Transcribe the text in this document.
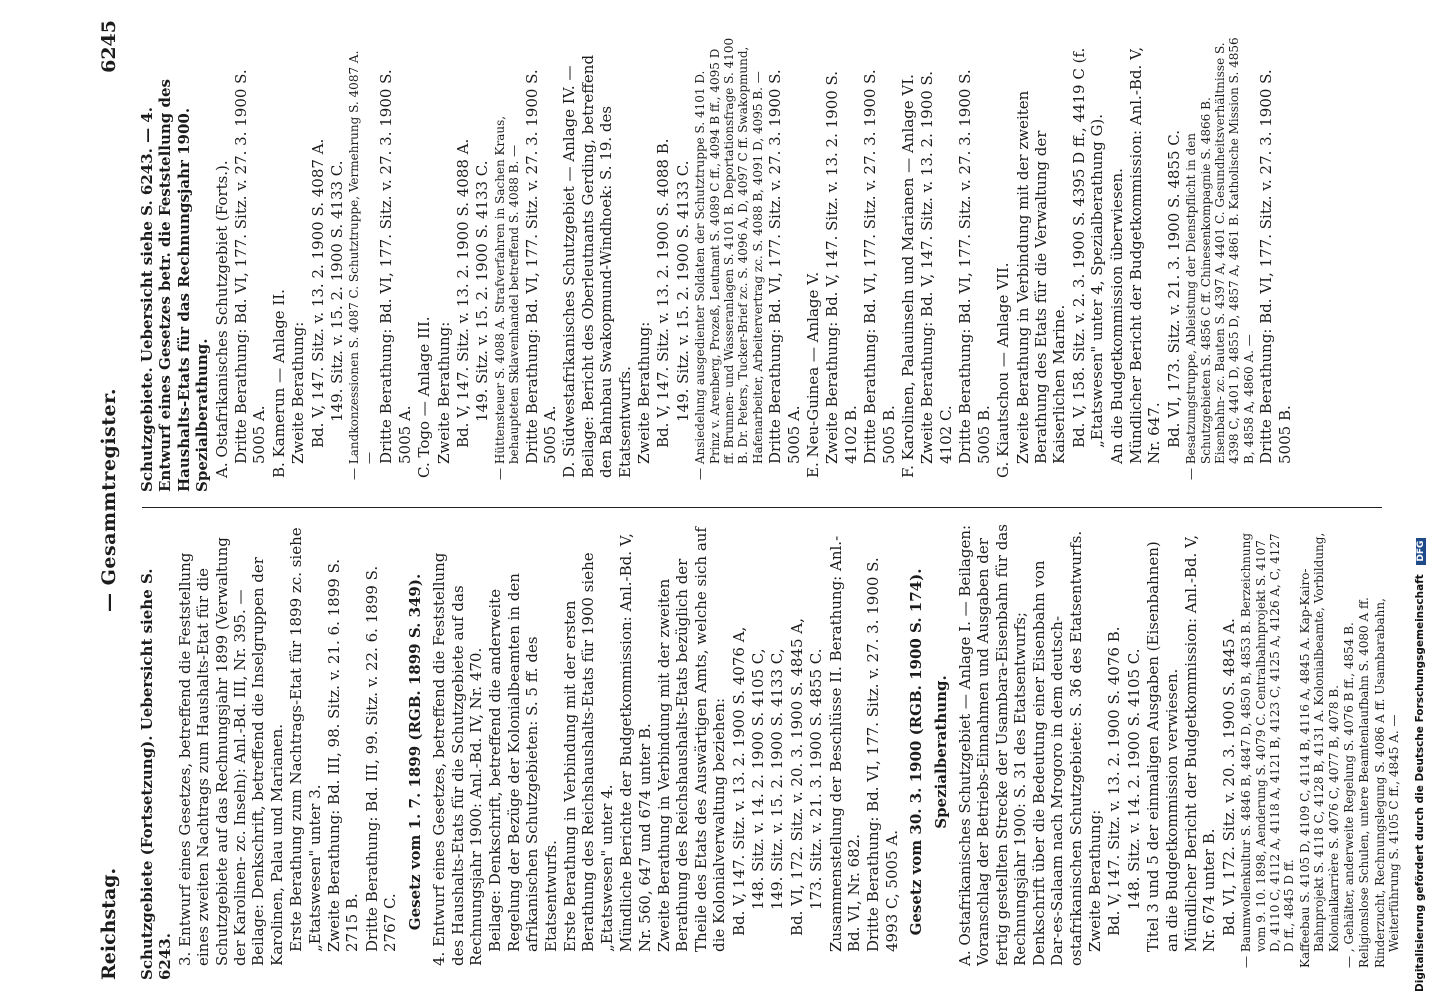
Reichstag.
— Gesammtregister.
6245

Schutzgebiete (Fortsetzung). Uebersicht siehe S. 6243. 3. Entwurf eines Gesetzes, betreffend die Feststellung eines zweiten Nachtrags zum Haushalts-Etat für die Schutzgebiete auf das Rechnungsjahr 1899 (Verwaltung der Karolinen- zc. Inseln): Anl.-Bd. III, Nr. 395. — Beilage: Denkschrift, betreffend die Inselgruppen der Karolinen, Palau und Marianen. Erste Berathung zum Nachtrags-Etat für 1899 zc. siehe „Etatswesen" unter 3. Zweite Berathung: Bd. III, 98. Sitz. v. 21. 6. 1899 S. 2715 B. Dritte Berathung: Bd. III, 99. Sitz. v. 22. 6. 1899 S. 2767 C. Gesetz vom 1. 7. 1899 (RGB. 1899 S. 349). 4. Entwurf eines Gesetzes, betreffend die Feststellung des Haushalts-Etats für die Schutzgebiete auf das Rechnungsjahr 1900: Anl.-Bd. IV, Nr. 470. Beilage: Denkschrift, betreffend die anderweite Regelung der Bezüge der Kolonialbeamten in den afrikanischen Schutzgebieten: S. 5 ff. des Etatsentwurfs. Erste Berathung in Verbindung mit der ersten Berathung des Reichshaushalts-Etats für 1900 siehe „Etatswesen" unter 4. Mündliche Berichte der Budgetkommission: Anl.-Bd. V, Nr. 560, 647 und 674 unter B. Zweite Berathung in Verbindung mit der zweiten Berathung des Reichshaushalts-Etats bezüglich der Theile des Etats des Auswärtigen Amts, welche sich auf die Kolonialverwaltung beziehen: Bd. V, 147. Sitz. v. 13. 2. 1900 S. 4076 A, 148. Sitz. v. 14. 2. 1900 S. 4105 C, 149. Sitz. v. 15. 2. 1900 S. 4133 C, Bd. VI, 172. Sitz. v. 20. 3. 1900 S. 4845 A, 173. Sitz. v. 21. 3. 1900 S. 4855 C. Zusammenstellung der Beschlüsse II. Berathung: Anl.-Bd. VI, Nr. 682. Dritte Berathung: Bd. VI, 177. Sitz. v. 27. 3. 1900 S. 4993 C, 5005 A. Gesetz vom 30. 3. 1900 (RGB. 1900 S. 174). Spezialberathung. A. Ostafrikanisches Schutzgebiet — Anlage I. — Beilagen: Voranschlag der Betriebs-Einnahmen und Ausgaben der fertig gestellten Strecke der Usambara-Eisenbahn für das Rechnungsjahr 1900: S. 31 des Etatsentwurfs; Denkschrift über die Bedeutung einer Eisenbahn von Dar-es-Salaam nach Mrogoro in dem deutsch-ostafrikanischen Schutzgebiete: S. 36 des Etatsentwurfs. Zweite Berathung: Bd. V, 147. Sitz. v. 13. 2. 1900 S. 4076 B. 148. Sitz. v. 14. 2. 1900 S. 4105 C. Titel 3 und 5 der einmaligen Ausgaben (Eisenbahnen) an die Budgetkommission verwiesen. Mündlicher Bericht der Budgetkommission: Anl.-Bd. V, Nr. 674 unter B. Bd. VI, 172. Sitz. v. 20. 3. 1900 S. 4845 A. — Baumwollenkultur S. 4846 B, 4847 D, 4850 B, 4853 B. Berzeichnung vom 9. 10. 1898, Aenderung S. 4079 C. Centralbahnprojekt S. 4107 D, 4110 C, 4112 A, 4118 A, 4121 B, 4123 C, 4125 A, 4126 A, C, 4127 D ff., 4845 D ff. Kaffeebau S. 4105 D, 4109 C, 4114 B, 4116 A, 4845 A. Kap-Kairo-Bahnprojekt S. 4118 C, 4128 B, 4131 A. Kolonialbeamte, Vorbildung, Kolonialkarrière S. 4076 C, 4077 B, 4078 B. — , Gehälter, anderweite Regelung S. 4076 B ff., 4854 B. Religionslose Schulen, untere Beamtenlaufbahn S. 4080 A ff. Rinderzucht, Rechnungslegung S. 4086 A ff. Usambarabahn, Weiterführung S. 4105 C ff., 4845 A. —

Schutzgebiete. Uebersicht siehe S. 6243. — 4. Entwurf eines Gesetzes betr. die Feststellung des Haushalts-Etats für das Rechnungsjahr 1900. Spezialberathung. A. Ostafrikanisches Schutzgebiet (Forts.). Dritte Berathung: Bd. VI, 177. Sitz. v. 27. 3. 1900 S. 5005 A. B. Kamerun — Anlage II. Zweite Berathung: Bd. V, 147. Sitz. v. 13. 2. 1900 S. 4087 A. 149. Sitz. v. 15. 2. 1900 S. 4133 C. — Landkonzessionen S. 4087 C. Schutztruppe, Vermehrung S. 4087 A. — Dritte Berathung: Bd. VI, 177. Sitz. v. 27. 3. 1900 S. 5005 A. C. Togo — Anlage III. Zweite Berathung: Bd. V, 147. Sitz. v. 13. 2. 1900 S. 4088 A. 149. Sitz. v. 15. 2. 1900 S. 4133 C. — Hüttensteuer S. 4088 A. Strafverfahren in Sachen Kraus, behaupteten Sklavenhandel betreffend S. 4088 B. — Dritte Berathung: Bd. VI, 177. Sitz. v. 27. 3. 1900 S. 5005 A. D. Südwestafrikanisches Schutzgebiet — Anlage IV. — Beilage: Bericht des Oberleutnants Gerding, betreffend den Bahnbau Swakopmund-Windhoek: S. 19. des Etatsentwurfs. Zweite Berathung: Bd. V, 147. Sitz. v. 13. 2. 1900 S. 4088 B. 149. Sitz. v. 15. 2. 1900 S. 4133 C. — Ansiedelung ausgedienter Soldaten der Schutztruppe S. 4101 D. Prinz v. Arenberg, Prozeß, Leutnant S. 4089 C ff., 4094 B ff., 4095 D ff. Brunnen- und Wasseranlagen S. 4101 B. Deportationsfrage S. 4100 B. Dr. Peters, Tucker-Brief zc. S. 4096 A, D, 4097 C ff. Swakopmund, Hafenarbeiter, Arbeitervertrag zc. S. 4088 B, 4091 D, 4095 B. — Dritte Berathung: Bd. VI, 177. Sitz. v. 27. 3. 1900 S. 5005 A. E. Neu-Guinea — Anlage V. Zweite Berathung: Bd. V, 147. Sitz. v. 13. 2. 1900 S. 4102 B. Dritte Berathung: Bd. VI, 177. Sitz. v. 27. 3. 1900 S. 5005 B. F. Karolinen, Palauinseln und Marianen — Anlage VI. Zweite Berathung: Bd. V, 147. Sitz. v. 13. 2. 1900 S. 4102 C. Dritte Berathung: Bd. VI, 177. Sitz. v. 27. 3. 1900 S. 5005 B. G. Kiautschou — Anlage VII. Zweite Berathung in Verbindung mit der zweiten Berathung des Etats für die Verwaltung der Kaiserlichen Marine. Bd. V, 158. Sitz. v. 2. 3. 1900 S. 4395 D ff., 4419 C (f. „Etatswesen" unter 4, Spezialberathung G). An die Budgetkommission überwiesen. Mündlicher Bericht der Budgetkommission: Anl.-Bd. V, Nr. 647. Bd. VI, 173. Sitz. v. 21. 3. 1900 S. 4855 C. — Besatzungstruppe, Ableistung der Dienstpflicht in den Schutzgebieten S. 4856 C ff. Chinesenkompagnie S. 4866 B. Eisenbahn- zc. Bauten S. 4397 A, 4401 C. Gesundheitsverhältnisse S. 4398 C, 4401 D, 4855 D, 4857 A, 4861 B. Katholische Mission S. 4856 B, 4858 A, 4860 A. — Dritte Berathung: Bd. VI, 177. Sitz. v. 27. 3. 1900 S. 5005 B.

Digitalisierung gefördert durch die Deutsche Forschungsgemeinschaft DFG
